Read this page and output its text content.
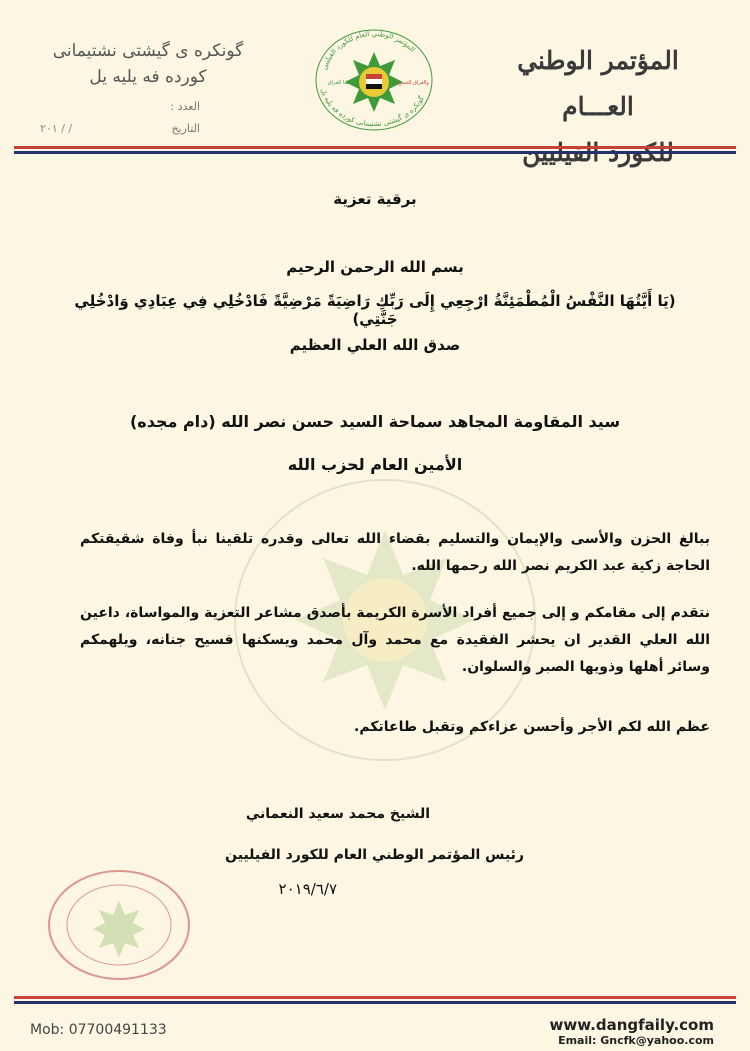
المؤتمر الوطني العـــام
گونكره ى گيشتى نشتيمانى
كورده فه يليه يل
العدد :
التاريخ
/ / ٢٠١
المؤتمر الوطني العام للكورد الفيليين
گونكره ى گيشتى نشتيمانى كورده فه يليه يل
كلنا للعراق	والعراق للجميع
برقية تعزية
بسم الله الرحمن الرحيم
(يَا أَيَّتُهَا النَّفْسُ الْمُطْمَئِنَّةُ ارْجِعِي إِلَى رَبِّكِ رَاضِيَةً مَرْضِيَّةً فَادْخُلِي فِي عِبَادِي وَادْخُلِي جَنَّتِي)
صدق الله العلي العظيم
سيد المقاومة المجاهد سماحة السيد حسن نصر الله (دام مجده)
الأمين العام لحزب الله
ببالغ الحزن والأسى والإيمان والتسليم بقضاء الله تعالى وقدره تلقينا نبأ وفاة شقيقتكم الحاجة زكية عبد الكريم نصر الله رحمها الله.
نتقدم إلى مقامكم و إلى جميع أفراد الأسرة الكريمة بأصدق مشاعر التعزية والمواساة، داعين الله العلي القدير ان يحشر الفقيدة مع محمد وآل محمد ويسكنها فسيح جنانه، ويلهمكم وسائر أهلها وذويها الصبر والسلوان.
عظم الله لكم الأجر وأحسن عزاءكم وتقبل طاعاتكم.
الشيخ محمد سعيد النعماني
رئيس المؤتمر الوطني العام للكورد الفيليين
٢٠١٩/٦/٧
Mob: 07700491133	www.dangfaily.com
Email: Gncfk@yahoo.com
